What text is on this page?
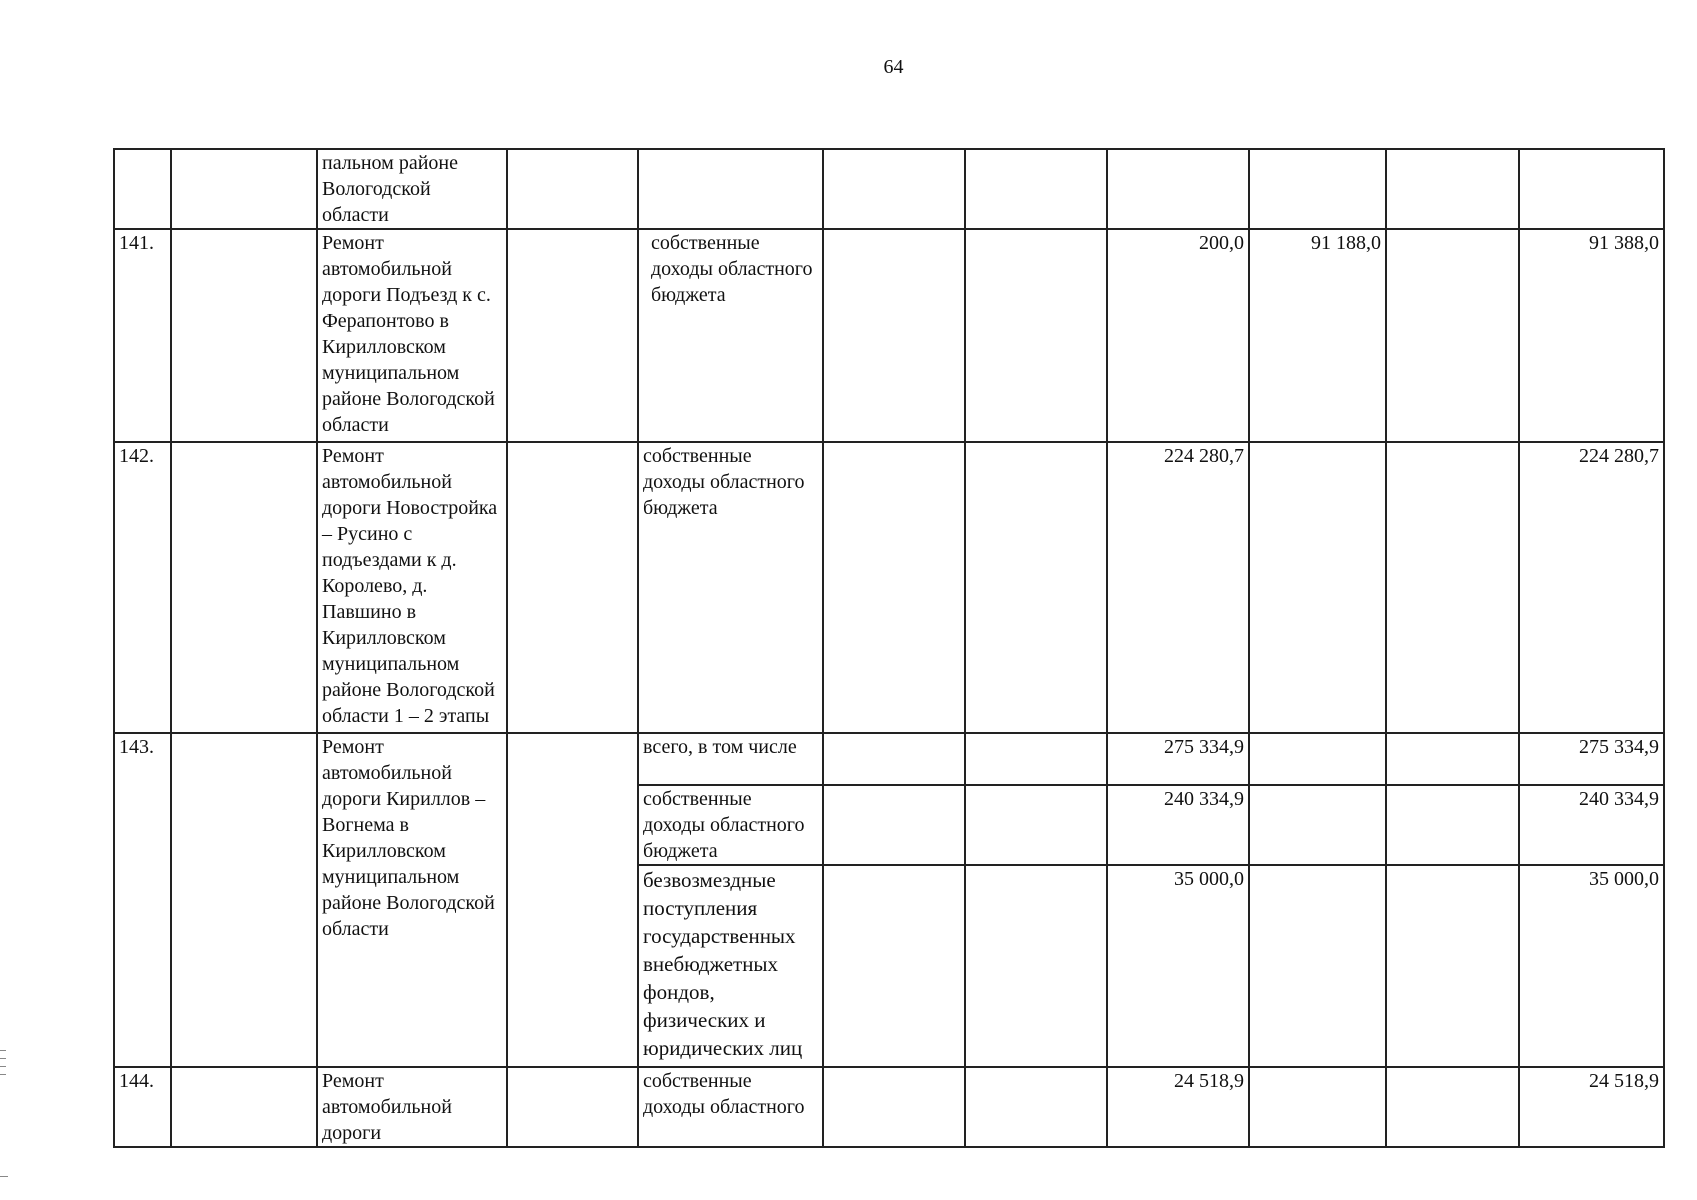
64
		пальном районе Вологодской области								
141.		Ремонт автомобильной дороги Подъезд к с. Ферапонтово в Кирилловском муниципальном районе Вологодской области		собственные доходы областного бюджета			200,0	91 188,0		91 388,0
142.		Ремонт автомобильной дороги Новостройка – Русино с подъездами к д. Королево, д. Павшино в Кирилловском муниципальном районе Вологодской области 1 – 2 этапы		собственные доходы областного бюджета			224 280,7			224 280,7
143.		Ремонт автомобильной дороги Кириллов – Вогнема в Кирилловском муниципальном районе Вологодской области		всего, в том числе			275 334,9			275 334,9
				собственные доходы областного бюджета			240 334,9			240 334,9
				безвозмездные поступления государственных внебюджетных фондов, физических и юридических лиц			35 000,0			35 000,0
144.		Ремонт автомобильной дороги		собственные доходы областного			24 518,9			24 518,9
